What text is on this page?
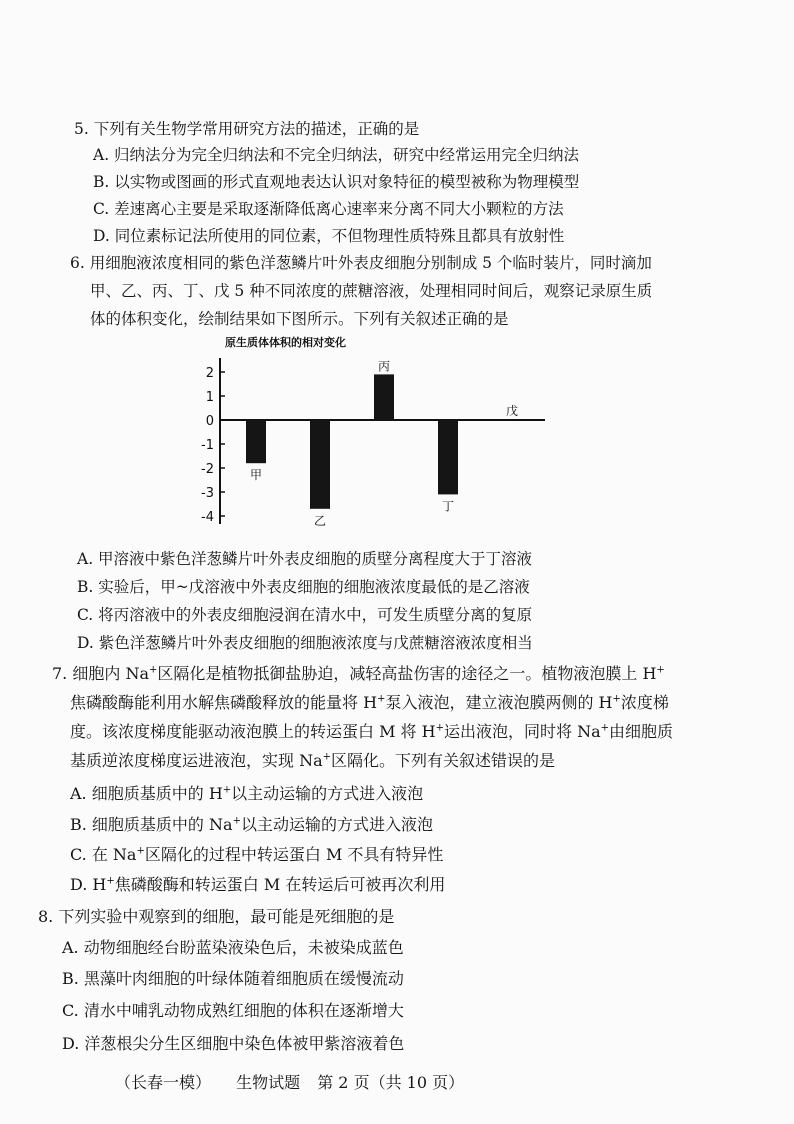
5. 下列有关生物学常用研究方法的描述，正确的是
A. 归纳法分为完全归纳法和不完全归纳法，研究中经常运用完全归纳法
B. 以实物或图画的形式直观地表达认识对象特征的模型被称为物理模型
C. 差速离心主要是采取逐渐降低离心速率来分离不同大小颗粒的方法
D. 同位素标记法所使用的同位素，不但物理性质特殊且都具有放射性
6. 用细胞液浓度相同的紫色洋葱鳞片叶外表皮细胞分别制成 5 个临时装片，同时滴加
甲、乙、丙、丁、戊 5 种不同浓度的蔗糖溶液，处理相同时间后，观察记录原生质
体的体积变化，绘制结果如下图所示。下列有关叙述正确的是
原生质体体积的相对变化
2
1
0
-1
-2
-3
-4
甲
乙
丙
丁
戊
A. 甲溶液中紫色洋葱鳞片叶外表皮细胞的质壁分离程度大于丁溶液
B. 实验后，甲~戊溶液中外表皮细胞的细胞液浓度最低的是乙溶液
C. 将丙溶液中的外表皮细胞浸润在清水中，可发生质壁分离的复原
D. 紫色洋葱鳞片叶外表皮细胞的细胞液浓度与戊蔗糖溶液浓度相当
7. 细胞内 Na+区隔化是植物抵御盐胁迫，减轻高盐伤害的途径之一。植物液泡膜上 H+
焦磷酸酶能利用水解焦磷酸释放的能量将 H+泵入液泡，建立液泡膜两侧的 H+浓度梯
度。该浓度梯度能驱动液泡膜上的转运蛋白 M 将 H+运出液泡，同时将 Na+由细胞质
基质逆浓度梯度运进液泡，实现 Na+区隔化。下列有关叙述错误的是
A. 细胞质基质中的 H+以主动运输的方式进入液泡
B. 细胞质基质中的 Na+以主动运输的方式进入液泡
C. 在 Na+区隔化的过程中转运蛋白 M 不具有特异性
D. H+焦磷酸酶和转运蛋白 M 在转运后可被再次利用
8. 下列实验中观察到的细胞，最可能是死细胞的是
A. 动物细胞经台盼蓝染液染色后，未被染成蓝色
B. 黑藻叶肉细胞的叶绿体随着细胞质在缓慢流动
C. 清水中哺乳动物成熟红细胞的体积在逐渐增大
D. 洋葱根尖分生区细胞中染色体被甲紫溶液着色
（长春一模） 生物试题 第 2 页（共 10 页）
